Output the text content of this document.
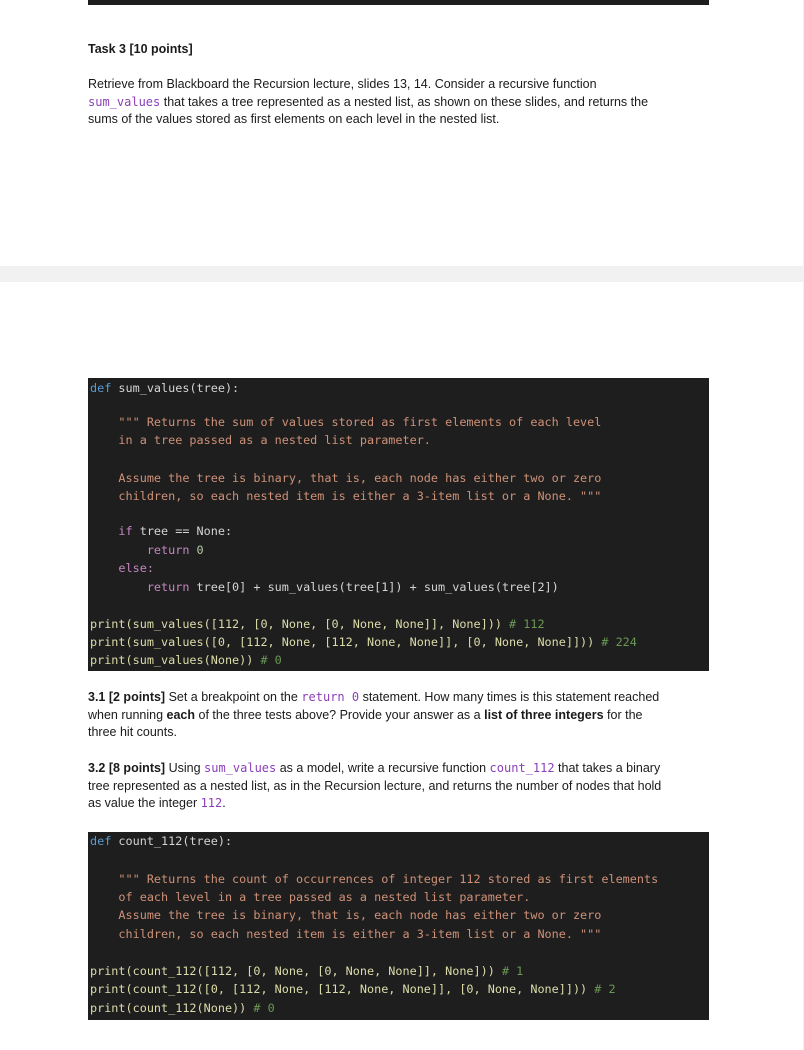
Task 3 [10 points]
Retrieve from Blackboard the Recursion lecture, slides 13, 14. Consider a recursive function
sum_values that takes a tree represented as a nested list, as shown on these slides, and returns the
sums of the values stored as first elements on each level in the nested list.
def sum_values(tree):
""" Returns the sum of values stored as first elements of each level
in a tree passed as a nested list parameter.
Assume the tree is binary, that is, each node has either two or zero
children, so each nested item is either a 3-item list or a None. """
if tree == None:
return 0
else:
return tree[0] + sum_values(tree[1]) + sum_values(tree[2])
print(sum_values([112, [0, None, [0, None, None]], None])) # 112
print(sum_values([0, [112, None, [112, None, None]], [0, None, None]])) # 224
print(sum_values(None)) # 0
3.1 [2 points] Set a breakpoint on the return 0 statement. How many times is this statement reached
when running each of the three tests above? Provide your answer as a list of three integers for the
three hit counts.
3.2 [8 points] Using sum_values as a model, write a recursive function count_112 that takes a binary
tree represented as a nested list, as in the Recursion lecture, and returns the number of nodes that hold
as value the integer 112.
def count_112(tree):
""" Returns the count of occurrences of integer 112 stored as first elements
of each level in a tree passed as a nested list parameter.
Assume the tree is binary, that is, each node has either two or zero
children, so each nested item is either a 3-item list or a None. """
print(count_112([112, [0, None, [0, None, None]], None])) # 1
print(count_112([0, [112, None, [112, None, None]], [0, None, None]])) # 2
print(count_112(None)) # 0
